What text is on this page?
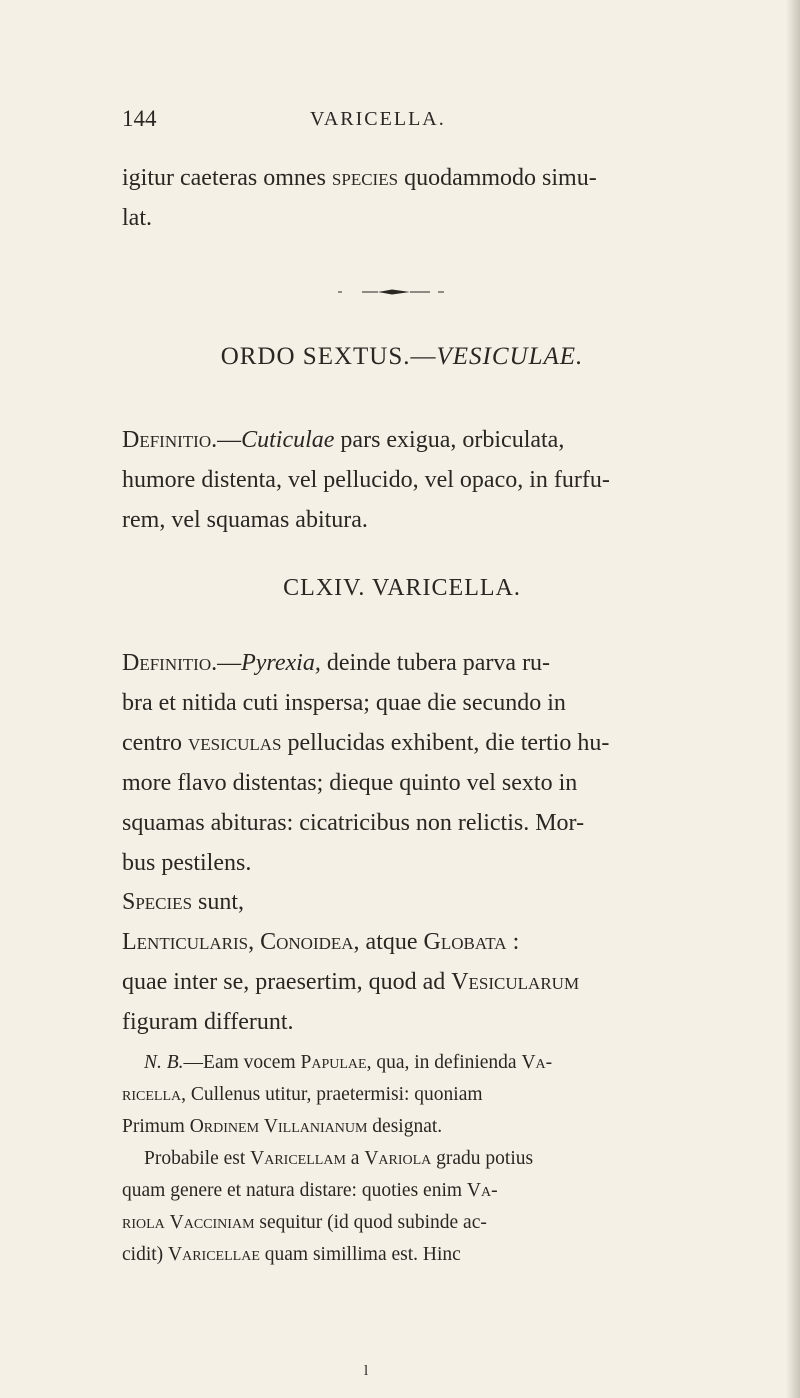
144	VARICELLA.
igitur caeteras omnes species quodammodo simu-
lat.
ORDO SEXTUS.—VESICULAE.
Definitio.—Cuticulae pars exigua, orbiculata,
humore distenta, vel pellucido, vel opaco, in furfu-
rem, vel squamas abitura.
CLXIV. VARICELLA.
Definitio.—Pyrexia, deinde tubera parva ru-
bra et nitida cuti inspersa; quae die secundo in
centro vesiculas pellucidas exhibent, die tertio hu-
more flavo distentas; dieque quinto vel sexto in
squamas abituras: cicatricibus non relictis. Mor-
bus pestilens.
Species sunt,
Lenticularis, Conoidea, atque Globata :
quae inter se, praesertim, quod ad Vesicularum
figuram differunt.
N. B.—Eam vocem Papulae, qua, in definienda Va-
ricella, Cullenus utitur, praetermisi: quoniam
Primum Ordinem Villanianum designat.
Probabile est Varicellam a Variola gradu potius
quam genere et natura distare: quoties enim Va-
riola Vacciniam sequitur (id quod subinde ac-
cidit) Varicellae quam simillima est. Hinc
l
